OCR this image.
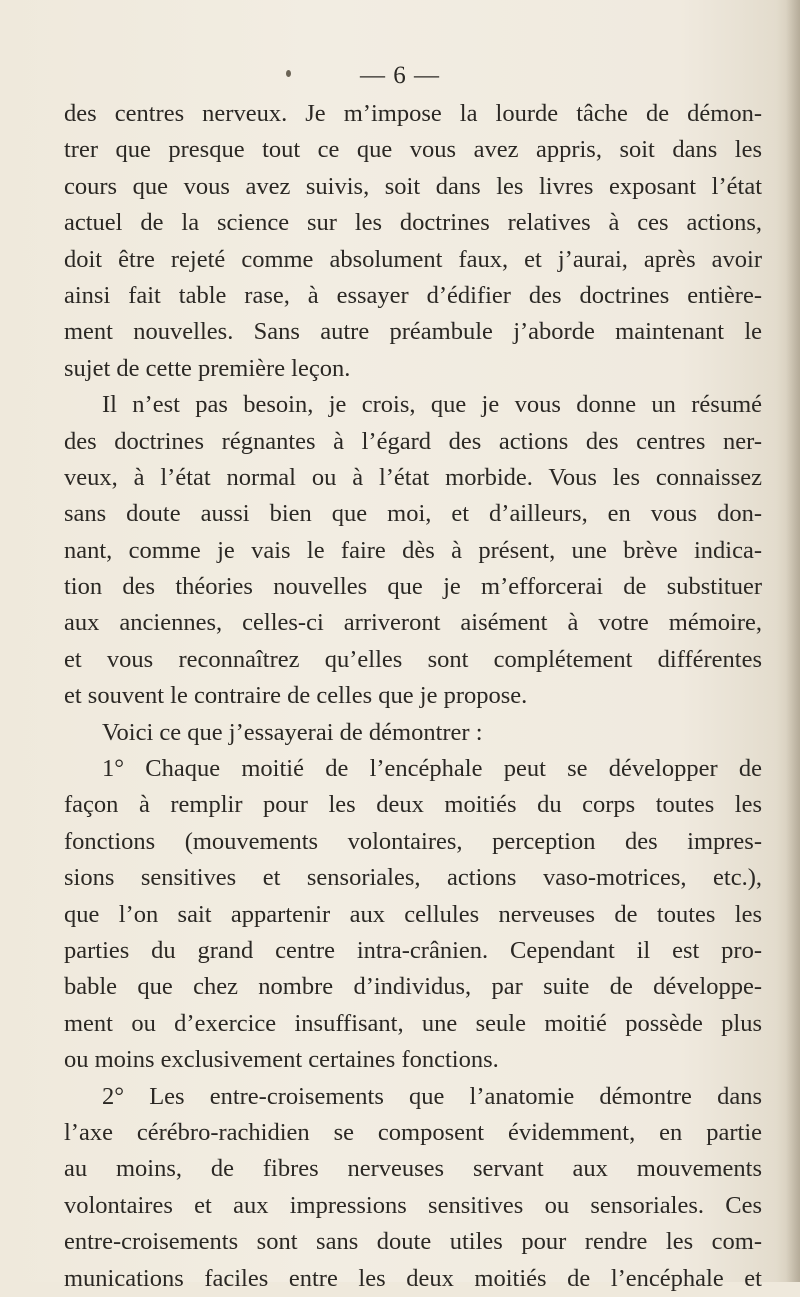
— 6 —
des centres nerveux. Je m’impose la lourde tâche de démon-
trer que presque tout ce que vous avez appris, soit dans les
cours que vous avez suivis, soit dans les livres exposant l’état
actuel de la science sur les doctrines relatives à ces actions,
doit être rejeté comme absolument faux, et j’aurai, après avoir
ainsi fait table rase, à essayer d’édifier des doctrines entière-
ment nouvelles. Sans autre préambule j’aborde maintenant le
sujet de cette première leçon.
Il n’est pas besoin, je crois, que je vous donne un résumé
des doctrines régnantes à l’égard des actions des centres ner-
veux, à l’état normal ou à l’état morbide. Vous les connaissez
sans doute aussi bien que moi, et d’ailleurs, en vous don-
nant, comme je vais le faire dès à présent, une brève indica-
tion des théories nouvelles que je m’efforcerai de substituer
aux anciennes, celles-ci arriveront aisément à votre mémoire,
et vous reconnaîtrez qu’elles sont complétement différentes
et souvent le contraire de celles que je propose.
Voici ce que j’essayerai de démontrer :
1° Chaque moitié de l’encéphale peut se développer de
façon à remplir pour les deux moitiés du corps toutes les
fonctions (mouvements volontaires, perception des impres-
sions sensitives et sensoriales, actions vaso-motrices, etc.),
que l’on sait appartenir aux cellules nerveuses de toutes les
parties du grand centre intra-crânien. Cependant il est pro-
bable que chez nombre d’individus, par suite de développe-
ment ou d’exercice insuffisant, une seule moitié possède plus
ou moins exclusivement certaines fonctions.
2° Les entre-croisements que l’anatomie démontre dans
l’axe cérébro-rachidien se composent évidemment, en partie
au moins, de fibres nerveuses servant aux mouvements
volontaires et aux impressions sensitives ou sensoriales. Ces
entre-croisements sont sans doute utiles pour rendre les com-
munications faciles entre les deux moitiés de l’encéphale et
